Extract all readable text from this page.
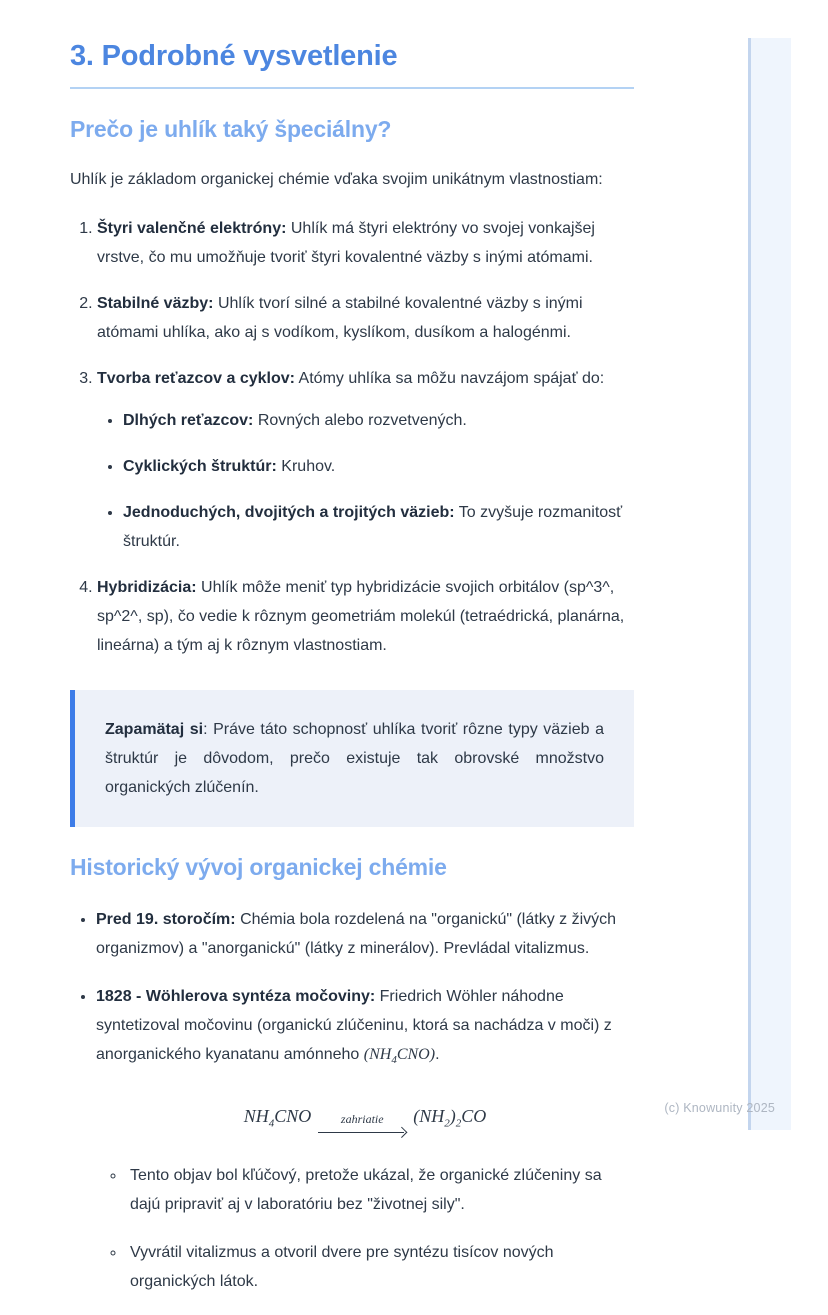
3. Podrobné vysvetlenie
Prečo je uhlík taký špeciálny?

Uhlík je základom organickej chémie vďaka svojim unikátnym vlastnostiam:

1. Štyri valenčné elektróny: Uhlík má štyri elektróny vo svojej vonkajšej vrstve, čo mu umožňuje tvoriť štyri kovalentné väzby s inými atómami.
2. Stabilné väzby: Uhlík tvorí silné a stabilné kovalentné väzby s inými atómami uhlíka, ako aj s vodíkom, kyslíkom, dusíkom a halogénmi.
3. Tvorba reťazcov a cyklov: Atómy uhlíka sa môžu navzájom spájať do:
• Dlhých reťazcov: Rovných alebo rozvetvených.
• Cyklických štruktúr: Kruhov.
• Jednoduchých, dvojitých a trojitých väzieb: To zvyšuje rozmanitosť štruktúr.
4. Hybridizácia: Uhlík môže meniť typ hybridizácie svojich orbitálov (sp^3^, sp^2^, sp), čo vedie k rôznym geometriám molekúl (tetraédrická, planárna, lineárna) a tým aj k rôznym vlastnostiam.
Zapamätaj si: Práve táto schopnosť uhlíka tvoriť rôzne typy väzieb a štruktúr je dôvodom, prečo existuje tak obrovské množstvo organických zlúčenín.
Historický vývoj organickej chémie
• Pred 19. storočím: Chémia bola rozdelená na "organickú" (látky z živých organizmov) a "anorganickú" (látky z minerálov). Prevládal vitalizmus.
• 1828 - Wöhlerova syntéza močoviny: Friedrich Wöhler náhodne syntetizoval močovinu (organickú zlúčeninu, ktorá sa nachádza v moči) z anorganického kyanatanu amónneho $(NH_4CNO)$.
$NH_4CNO$ zahriatie $(NH_2)_2CO$
◦ Tento objav bol kľúčový, pretože ukázal, že organické zlúčeniny sa dajú pripraviť aj v laboratóriu bez "životnej sily".
◦ Vyvrátil vitalizmus a otvoril dvere pre syntézu tisícov nových organických látok.
(c) Knowunity 2025
